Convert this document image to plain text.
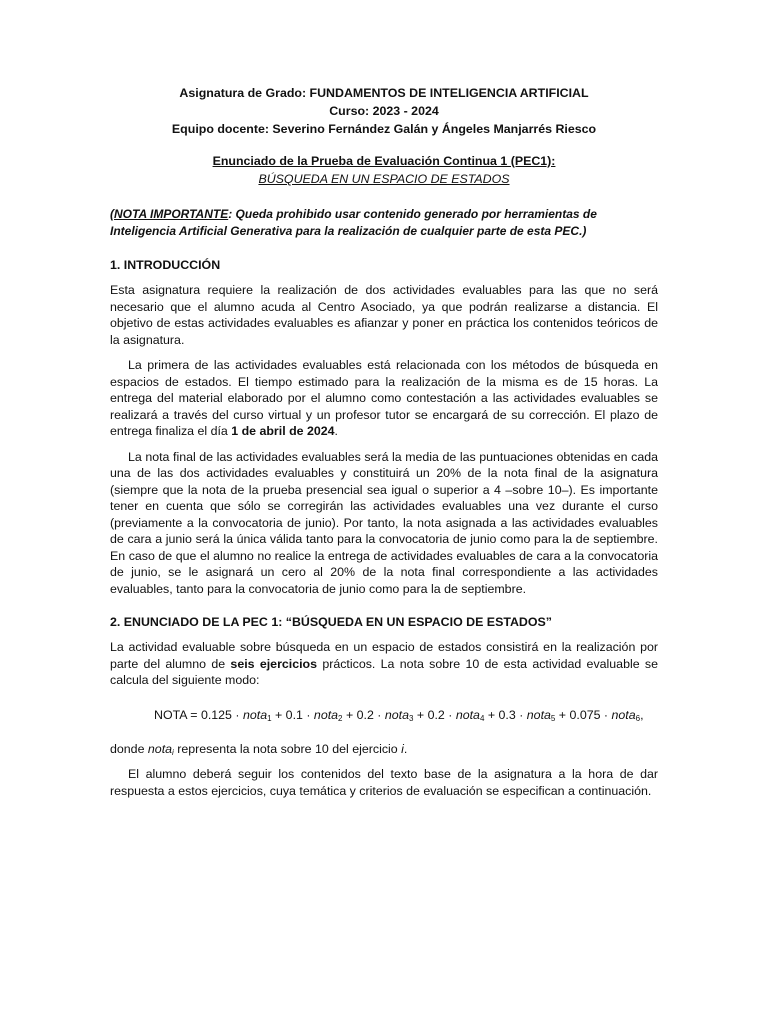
Asignatura de Grado: FUNDAMENTOS DE INTELIGENCIA ARTIFICIAL
Curso: 2023 - 2024
Equipo docente: Severino Fernández Galán y Ángeles Manjarrés Riesco
Enunciado de la Prueba de Evaluación Continua 1 (PEC1):
BÚSQUEDA EN UN ESPACIO DE ESTADOS
(NOTA IMPORTANTE: Queda prohibido usar contenido generado por herramientas de Inteligencia Artificial Generativa para la realización de cualquier parte de esta PEC.)
1. INTRODUCCIÓN

Esta asignatura requiere la realización de dos actividades evaluables para las que no será necesario que el alumno acuda al Centro Asociado, ya que podrán realizarse a distancia. El objetivo de estas actividades evaluables es afianzar y poner en práctica los contenidos teóricos de la asignatura.

La primera de las actividades evaluables está relacionada con los métodos de búsqueda en espacios de estados. El tiempo estimado para la realización de la misma es de 15 horas. La entrega del material elaborado por el alumno como contestación a las actividades evaluables se realizará a través del curso virtual y un profesor tutor se encargará de su corrección. El plazo de entrega finaliza el día 1 de abril de 2024.

La nota final de las actividades evaluables será la media de las puntuaciones obtenidas en cada una de las dos actividades evaluables y constituirá un 20% de la nota final de la asignatura (siempre que la nota de la prueba presencial sea igual o superior a 4 –sobre 10–). Es importante tener en cuenta que sólo se corregirán las actividades evaluables una vez durante el curso (previamente a la convocatoria de junio). Por tanto, la nota asignada a las actividades evaluables de cara a junio será la única válida tanto para la convocatoria de junio como para la de septiembre. En caso de que el alumno no realice la entrega de actividades evaluables de cara a la convocatoria de junio, se le asignará un cero al 20% de la nota final correspondiente a las actividades evaluables, tanto para la convocatoria de junio como para la de septiembre.

2. ENUNCIADO DE LA PEC 1: “BÚSQUEDA EN UN ESPACIO DE ESTADOS”

La actividad evaluable sobre búsqueda en un espacio de estados consistirá en la realización por parte del alumno de seis ejercicios prácticos. La nota sobre 10 de esta actividad evaluable se calcula del siguiente modo:

NOTA = 0.125 · nota$_1$ + 0.1 · nota$_2$ + 0.2 · nota$_3$ + 0.2 · nota$_4$ + 0.3 · nota$_5$ + 0.075 · nota$_6$,

donde nota$_i$ representa la nota sobre 10 del ejercicio i.

El alumno deberá seguir los contenidos del texto base de la asignatura a la hora de dar respuesta a estos ejercicios, cuya temática y criterios de evaluación se especifican a continuación.
